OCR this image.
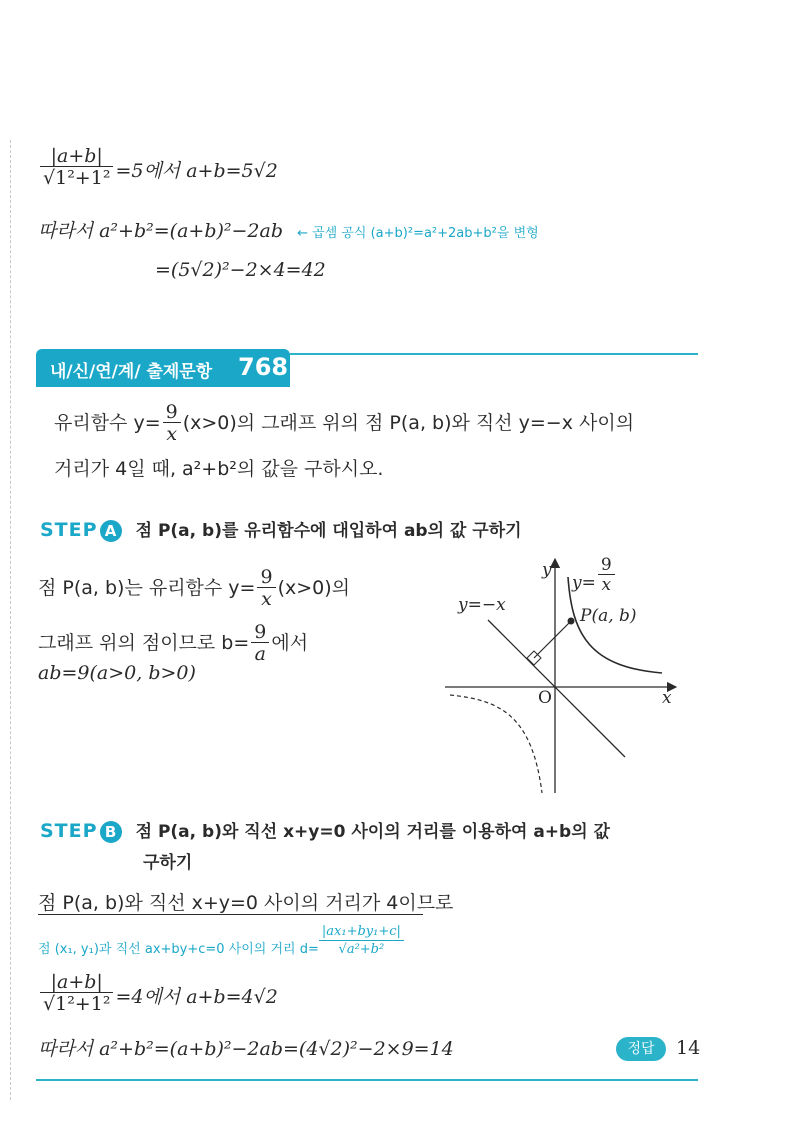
$\frac{|a+b|}{\text{√1²+1²}} =5$에서 a+b=5√2
따라서 a²+b²=(a+b)²−2ab ← 곱셈 공식 (a+b)²=a²+2ab+b²을 변형
=(5√2)²−2×4=42
내/신/연/계/ 출제문항 768
유리함수 $y= \frac{9}{x} (x>0)$의 그래프 위의 점 P(a, b)와 직선 y=−x 사이의
거리가 4일 때, a²+b²의 값을 구하시오.
STEP A 점 P(a, b)를 유리함수에 대입하여 ab의 값 구하기
점 P(a, b)는 유리함수 $y= \frac{9}{x} (x>0)$의
그래프 위의 점이므로 $b= \frac{9}{a}$ 에서
ab=9(a>0, b>0)
y
$y= \frac{9}{x}$
y=−x
P(a, b)
O	x
STEP B 점 P(a, b)와 직선 x+y=0 사이의 거리를 이용하여 a+b의 값
구하기
점 P(a, b)와 직선 x+y=0 사이의 거리가 4이므로
점 (x₁, y₁)과 직선 ax+by+c=0 사이의 거리 $d= \frac{\text{|ax₁+by₁+c|}}{\text{√a²+b²}}$
$\frac{|a+b|}{\text{√1²+1²}} =4$에서 a+b=4√2
따라서 a²+b²=(a+b)²−2ab=(4√2)²−2×9=14	정답	14
